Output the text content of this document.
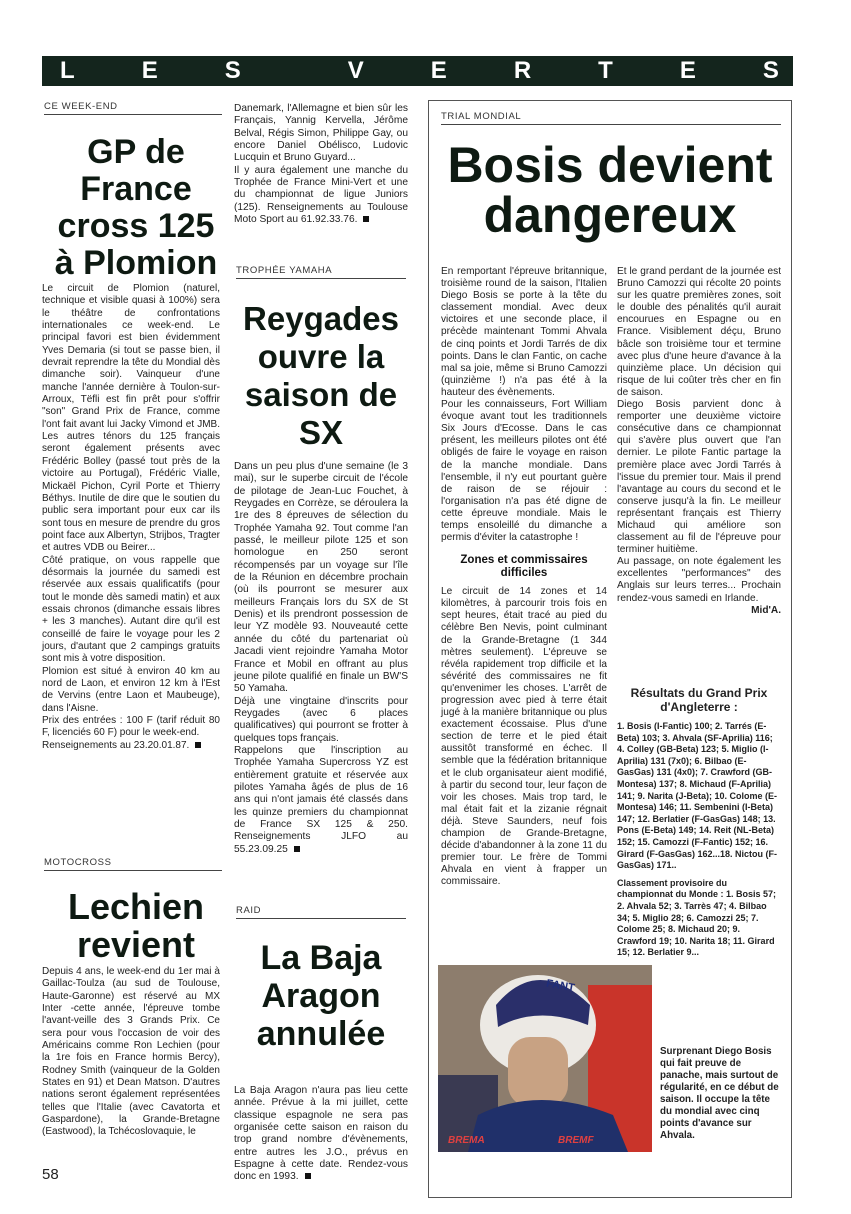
L	E	S	V	E	R	T	E	S
CE WEEK-END
GP de
France
cross 125
à Plomion

Le circuit de Plomion (naturel, technique et visible quasi à 100%) sera le théâtre de confrontations internationales ce week-end. Le principal favori est bien évidemment Yves Demaria (si tout se passe bien, il devrait reprendre la tête du Mondial dès dimanche soir). Vainqueur d'une manche l'année dernière à Toulon-sur-Arroux, Tëfli est fin prêt pour s'offrir "son" Grand Prix de France, comme l'ont fait avant lui Jacky Vimond et JMB. Les autres ténors du 125 français seront également présents avec Frédéric Bolley (passé tout près de la victoire au Portugal), Frédéric Vialle, Mickaël Pichon, Cyril Porte et Thierry Béthys. Inutile de dire que le soutien du public sera important pour eux car ils sont tous en mesure de prendre du gros point face aux Albertyn, Strijbos, Tragter et autres VDB ou Beirer...

Côté pratique, on vous rappelle que désormais la journée du samedi est réservée aux essais qualificatifs (pour tout le monde dès samedi matin) et aux essais chronos (dimanche essais libres + les 3 manches). Autant dire qu'il est conseillé de faire le voyage pour les 2 jours, d'autant que 2 campings gratuits sont mis à votre disposition.

Plomion est situé à environ 40 km au nord de Laon, et environ 12 km à l'Est de Vervins (entre Laon et Maubeuge), dans l'Aisne.

Prix des entrées : 100 F (tarif réduit 80 F, licenciés 60 F) pour le week-end.

Renseignements au 23.20.01.87.

MOTOCROSS
Lechien
revient

Depuis 4 ans, le week-end du 1er mai à Gaillac-Toulza (au sud de Toulouse, Haute-Garonne) est réservé au MX Inter -cette année, l'épreuve tombe l'avant-veille des 3 Grands Prix. Ce sera pour vous l'occasion de voir des Américains comme Ron Lechien (pour la 1re fois en France hormis Bercy), Rodney Smith (vainqueur de la Golden States en 91) et Dean Matson. D'autres nations seront également représentées telles que l'Italie (avec Cavatorta et Gaspardone), la Grande-Bretagne (Eastwood), la Tchécoslovaquie, le

Danemark, l'Allemagne et bien sûr les Français, Yannig Kervella, Jérôme Belval, Régis Simon, Philippe Gay, ou encore Daniel Obélisco, Ludovic Lucquin et Bruno Guyard...

Il y aura également une manche du Trophée de France Mini-Vert et une du championnat de ligue Juniors (125). Renseignements au Toulouse Moto Sport au 61.92.33.76.

TROPHÉE YAMAHA
Reygades
ouvre la
saison de
SX

Dans un peu plus d'une semaine (le 3 mai), sur le superbe circuit de l'école de pilotage de Jean-Luc Fouchet, à Reygades en Corrèze, se déroulera la 1re des 8 épreuves de sélection du Trophée Yamaha 92. Tout comme l'an passé, le meilleur pilote 125 et son homologue en 250 seront récompensés par un voyage sur l'île de la Réunion en décembre prochain (où ils pourront se mesurer aux meilleurs Français lors du SX de St Denis) et ils prendront possession de leur YZ modèle 93. Nouveauté cette année du côté du partenariat où Jacadi vient rejoindre Yamaha Motor France et Mobil en offrant au plus jeune pilote qualifié en finale un BW'S 50 Yamaha.

Déjà une vingtaine d'inscrits pour Reygades (avec 6 places qualificatives) qui pourront se frotter à quelques tops français.

Rappelons que l'inscription au Trophée Yamaha Supercross YZ est entièrement gratuite et réservée aux pilotes Yamaha âgés de plus de 16 ans qui n'ont jamais été classés dans les quinze premiers du championnat de France SX 125 & 250. Renseignements JLFO au 55.23.09.25

RAID
La Baja
Aragon
annulée

La Baja Aragon n'aura pas lieu cette année. Prévue à la mi juillet, cette classique espagnole ne sera pas organisée cette saison en raison du trop grand nombre d'évènements, entre autres les J.O., prévus en Espagne à cette date. Rendez-vous donc en 1993.

TRIAL MONDIAL
Bosis devient
dangereux

En remportant l'épreuve britannique, troisième round de la saison, l'Italien Diego Bosis se porte à la tête du classement mondial. Avec deux victoires et une seconde place, il précède maintenant Tommi Ahvala de cinq points et Jordi Tarrés de dix points. Dans le clan Fantic, on cache mal sa joie, même si Bruno Camozzi (quinzième !) n'a pas été à la hauteur des évènements.

Pour les connaisseurs, Fort William évoque avant tout les traditionnels Six Jours d'Ecosse. Dans le cas présent, les meilleurs pilotes ont été obligés de faire le voyage en raison de la manche mondiale. Dans l'ensemble, il n'y eut pourtant guère de raison de se réjouir : l'organisation n'a pas été digne de cette épreuve mondiale. Mais le temps ensoleillé du dimanche a permis d'éviter la catastrophe !

Zones et commissaires difficiles

Le circuit de 14 zones et 14 kilomètres, à parcourir trois fois en sept heures, était tracé au pied du célèbre Ben Nevis, point culminant de la Grande-Bretagne (1 344 mètres seulement). L'épreuve se révéla rapidement trop difficile et la sévérité des commissaires ne fit qu'envenimer les choses. L'arrêt de progression avec pied à terre était jugé à la manière britannique ou plus exactement écossaise. Plus d'une section de terre et le pied était aussitôt transformé en échec. Il semble que la fédération britannique et le club organisateur aient modifié, à partir du second tour, leur façon de voir les choses. Mais trop tard, le mal était fait et la zizanie régnait déjà. Steve Saunders, neuf fois champion de Grande-Bretagne, décide d'abandonner à la zone 11 du premier tour. Le frère de Tommi Ahvala en vient à frapper un commissaire.

Et le grand perdant de la journée est Bruno Camozzi qui récolte 20 points sur les quatre premières zones, soit le double des pénalités qu'il aurait encourues en Espagne ou en France. Visiblement déçu, Bruno bâcle son troisième tour et termine avec plus d'une heure d'avance à la quinzième place. Un décision qui risque de lui coûter très cher en fin de saison.

Diego Bosis parvient donc à remporter une deuxième victoire consécutive dans ce championnat qui s'avère plus ouvert que l'an dernier. Le pilote Fantic partage la première place avec Jordi Tarrés à l'issue du premier tour. Mais il prend l'avantage au cours du second et le conserve jusqu'à la fin. Le meilleur représentant français est Thierry Michaud qui améliore son classement au fil de l'épreuve pour terminer huitième.

Au passage, on note également les excellentes "performances" des Anglais sur leurs terres... Prochain rendez-vous samedi en Irlande.

Mid'A.

Résultats du Grand Prix d'Angleterre :
1. Bosis (I-Fantic) 100; 2. Tarrés (E-Beta) 103; 3. Ahvala (SF-Aprilia) 116; 4. Colley (GB-Beta) 123; 5. Miglio (I-Aprilia) 131 (7x0); 6. Bilbao (E-GasGas) 131 (4x0); 7. Crawford (GB-Montesa) 137; 8. Michaud (F-Aprilia) 141; 9. Narita (J-Beta); 10. Colome (E-Montesa) 146; 11. Sembenini (I-Beta) 147; 12. Berlatier (F-GasGas) 148; 13. Pons (E-Beta) 149; 14. Reit (NL-Beta) 152; 15. Camozzi (F-Fantic) 152; 16. Girard (F-GasGas) 162...18. Nictou (F-GasGas) 171..
Classement provisoire du championnat du Monde : 1. Bosis 57; 2. Ahvala 52; 3. Tarrès 47; 4. Bilbao 34; 5. Miglio 28; 6. Camozzi 25; 7. Colome 25; 8. Michaud 20; 9. Crawford 19; 10. Narita 18; 11. Girard 15; 12. Berlatier 9...
FANT
BREMA	BREMF
Surprenant Diego Bosis qui fait preuve de panache, mais surtout de régularité, en ce début de saison. Il occupe la tête du mondial avec cinq points d'avance sur Ahvala.
58
